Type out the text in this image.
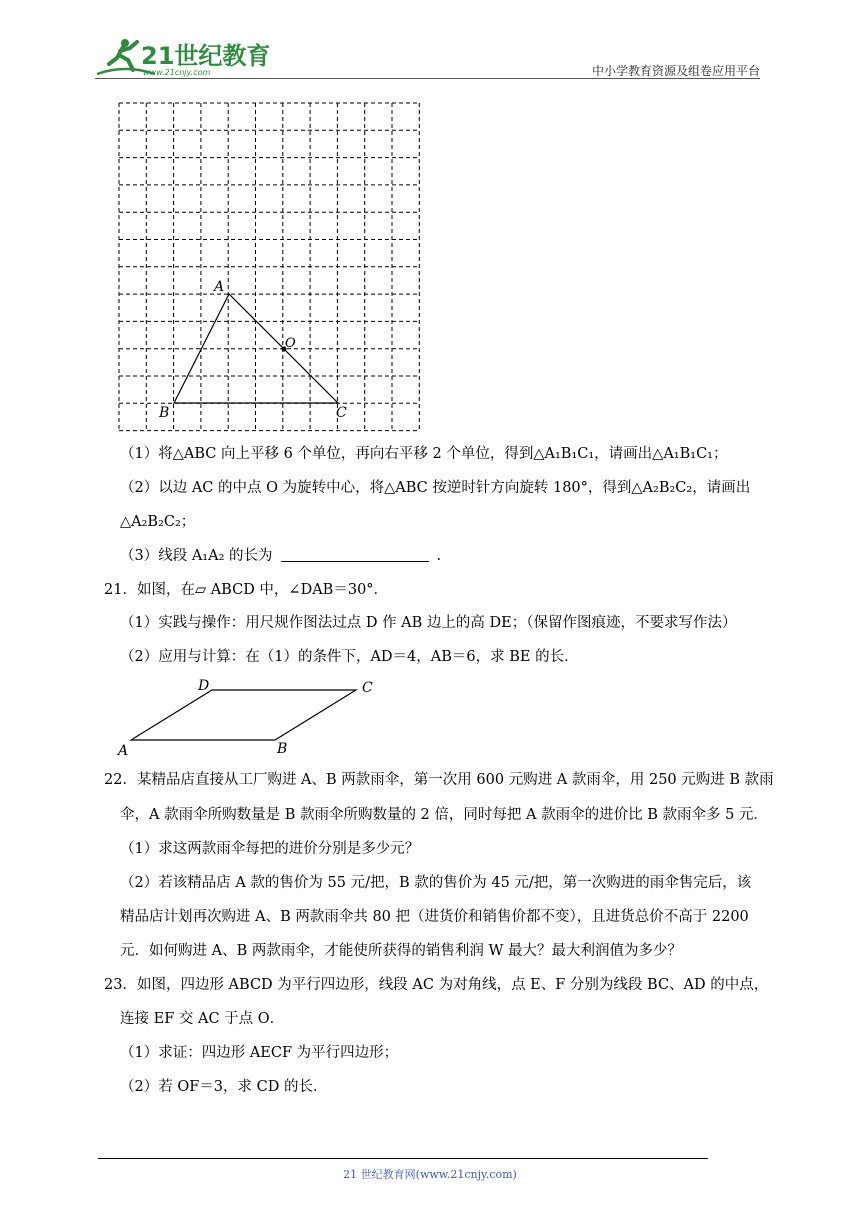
21世纪教育
www.21cnjy.com	中小学教育资源及组卷应用平台
A
B	C
O
（1）将△ABC 向上平移 6 个单位，再向右平移 2 个单位，得到△A₁B₁C₁，请画出△A₁B₁C₁；
（2）以边 AC 的中点 O 为旋转中心，将△ABC 按逆时针方向旋转 180°，得到△A₂B₂C₂，请画出
△A₂B₂C₂；
（3）线段 A₁A₂ 的长为	.
21．如图，在▱ ABCD 中，∠DAB＝30°．
（1）实践与操作：用尺规作图法过点 D 作 AB 边上的高 DE；（保留作图痕迹，不要求写作法）
（2）应用与计算：在（1）的条件下，AD＝4，AB＝6，求 BE 的长．
A	B
C
D
22．某精品店直接从工厂购进 A、B 两款雨伞，第一次用 600 元购进 A 款雨伞，用 250 元购进 B 款雨
伞，A 款雨伞所购数量是 B 款雨伞所购数量的 2 倍，同时每把 A 款雨伞的进价比 B 款雨伞多 5 元．
（1）求这两款雨伞每把的进价分别是多少元？
（2）若该精品店 A 款的售价为 55 元/把，B 款的售价为 45 元/把，第一次购进的雨伞售完后，该
精品店计划再次购进 A、B 两款雨伞共 80 把（进货价和销售价都不变），且进货总价不高于 2200
元．如何购进 A、B 两款雨伞，才能使所获得的销售利润 W 最大？最大利润值为多少？
23．如图，四边形 ABCD 为平行四边形，线段 AC 为对角线，点 E、F 分别为线段 BC、AD 的中点，
连接 EF 交 AC 于点 O．
（1）求证：四边形 AECF 为平行四边形；
（2）若 OF＝3，求 CD 的长．
21 世纪教育网(www.21cnjy.com)
